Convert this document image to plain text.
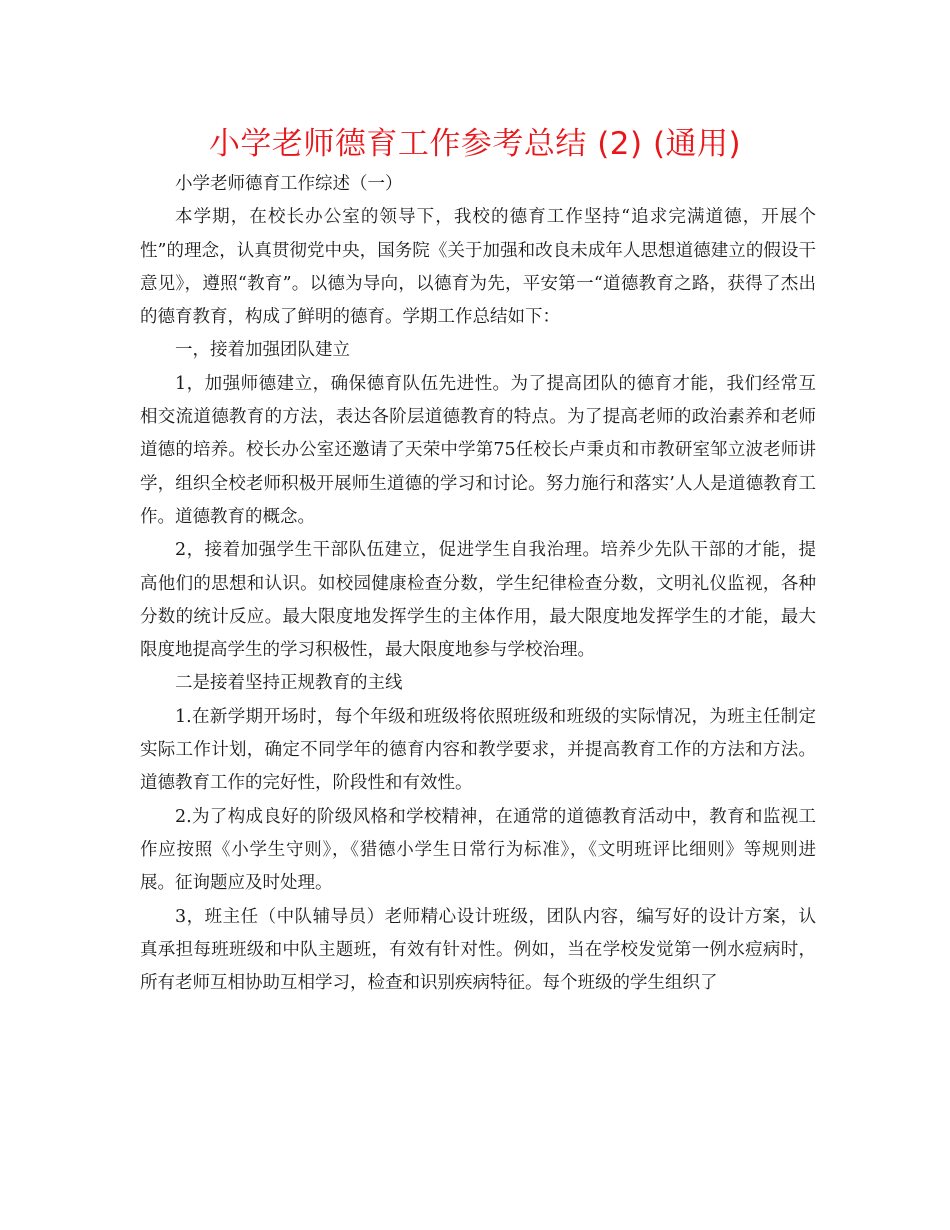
小学老师德育工作参考总结 (2) (通用)

小学老师德育工作综述（一）

本学期，在校长办公室的领导下，我校的德育工作坚持“追求完满道德，开展个性”的理念，认真贯彻党中央，国务院《关于加强和改良未成年人思想道德建立的假设干意见》，遵照“教育”。以德为导向，以德育为先，平安第一“道德教育之路，获得了杰出的德育教育，构成了鲜明的德育。学期工作总结如下：

一，接着加强团队建立

1，加强师德建立，确保德育队伍先进性。为了提高团队的德育才能，我们经常互相交流道德教育的方法，表达各阶层道德教育的特点。为了提高老师的政治素养和老师道德的培养。校长办公室还邀请了天荣中学第75任校长卢秉贞和市教研室邹立波老师讲学，组织全校老师积极开展师生道德的学习和讨论。努力施行和落实’人人是道德教育工作。道德教育的概念。

2，接着加强学生干部队伍建立，促进学生自我治理。培养少先队干部的才能，提高他们的思想和认识。如校园健康检查分数，学生纪律检查分数，文明礼仪监视，各种分数的统计反应。最大限度地发挥学生的主体作用，最大限度地发挥学生的才能，最大限度地提高学生的学习积极性，最大限度地参与学校治理。

二是接着坚持正规教育的主线

1.在新学期开场时，每个年级和班级将依照班级和班级的实际情况，为班主任制定实际工作计划，确定不同学年的德育内容和教学要求，并提高教育工作的方法和方法。道德教育工作的完好性，阶段性和有效性。

2.为了构成良好的阶级风格和学校精神，在通常的道德教育活动中，教育和监视工作应按照《小学生守则》，《猎德小学生日常行为标准》，《文明班评比细则》等规则进展。征询题应及时处理。

3，班主任（中队辅导员）老师精心设计班级，团队内容，编写好的设计方案，认真承担每班班级和中队主题班，有效有针对性。例如，当在学校发觉第一例水痘病时，所有老师互相协助互相学习，检查和识别疾病特征。每个班级的学生组织了
